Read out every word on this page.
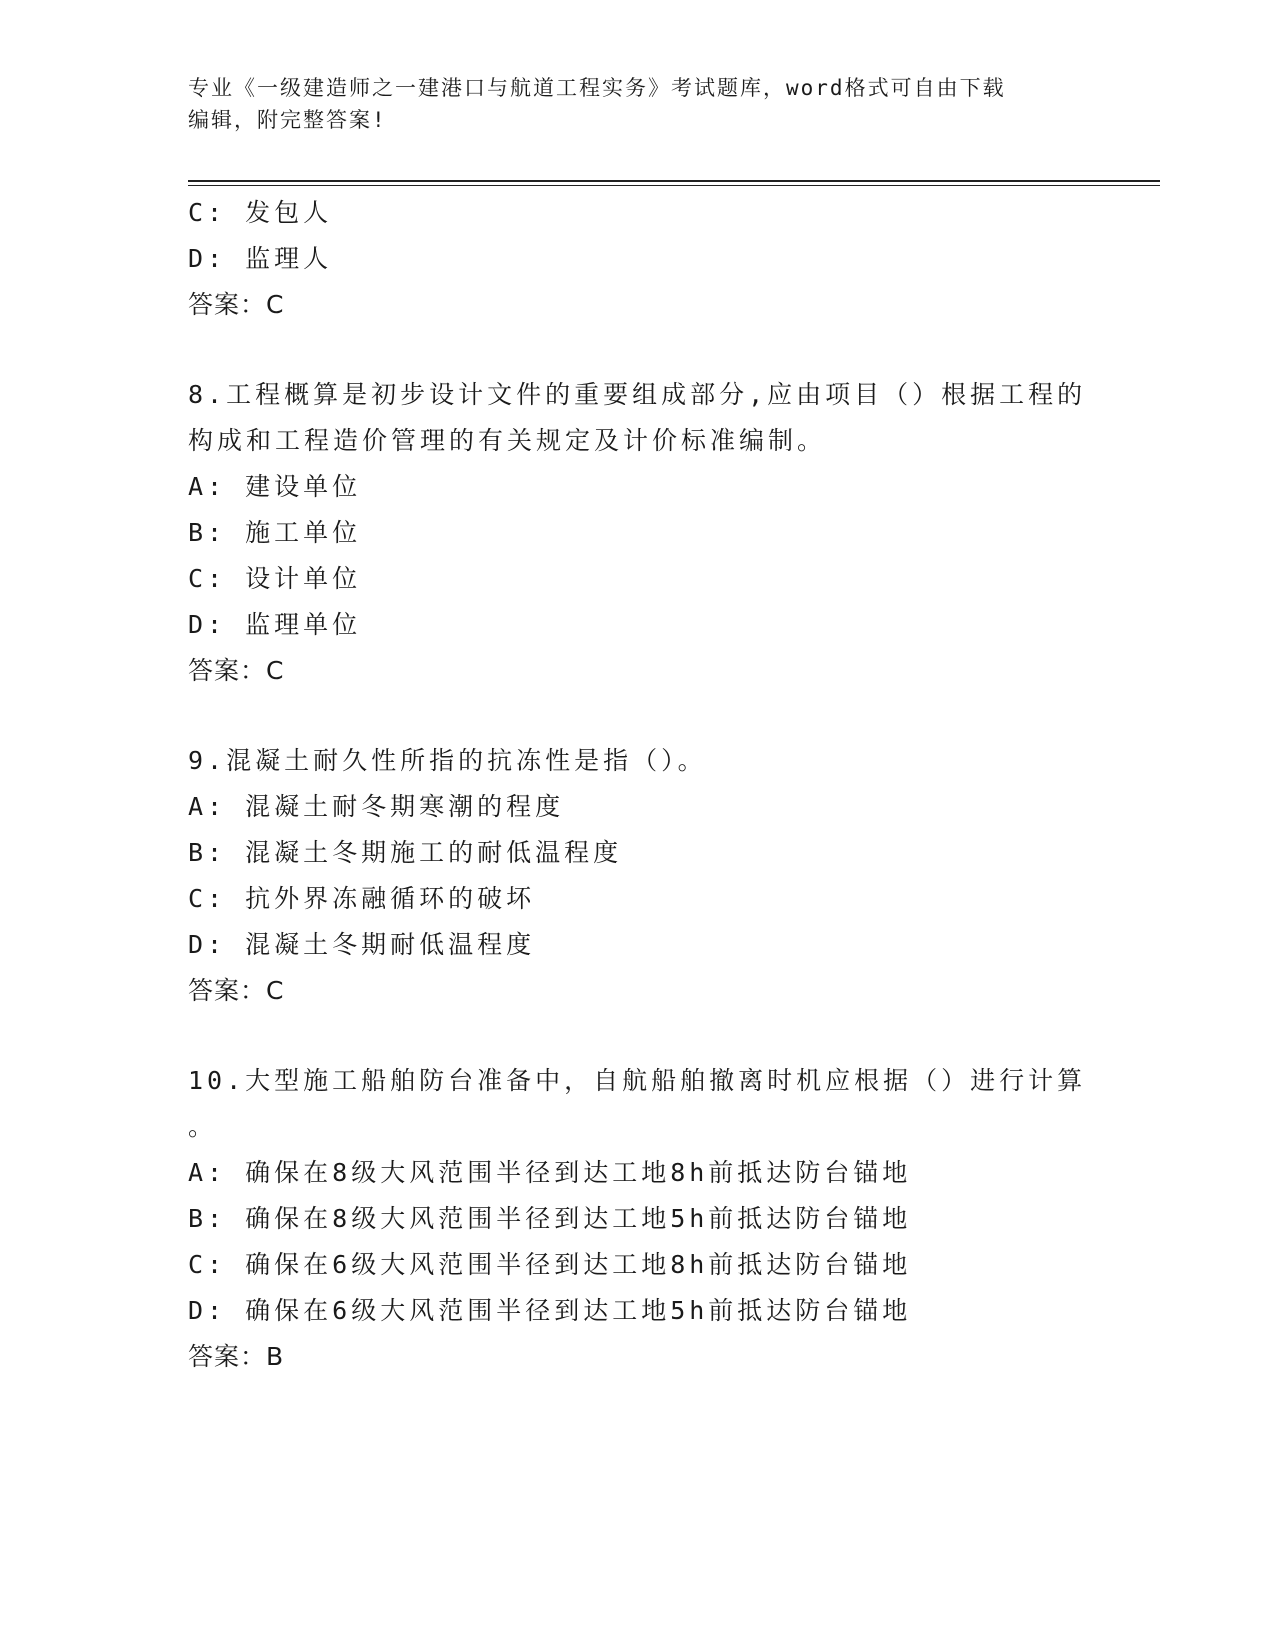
专业《一级建造师之一建港口与航道工程实务》考试题库，word格式可自由下载
编辑，附完整答案!
C: 发包人
D: 监理人
答案：C
8.工程概算是初步设计文件的重要组成部分,应由项目（）根据工程的
构成和工程造价管理的有关规定及计价标准编制。
A: 建设单位
B: 施工单位
C: 设计单位
D: 监理单位
答案：C
9.混凝土耐久性所指的抗冻性是指（）。
A: 混凝土耐冬期寒潮的程度
B: 混凝土冬期施工的耐低温程度
C: 抗外界冻融循环的破坏
D: 混凝土冬期耐低温程度
答案：C
10.大型施工船舶防台准备中，自航船舶撤离时机应根据（）进行计算
。
A: 确保在8级大风范围半径到达工地8h前抵达防台锚地
B: 确保在8级大风范围半径到达工地5h前抵达防台锚地
C: 确保在6级大风范围半径到达工地8h前抵达防台锚地
D: 确保在6级大风范围半径到达工地5h前抵达防台锚地
答案：B
